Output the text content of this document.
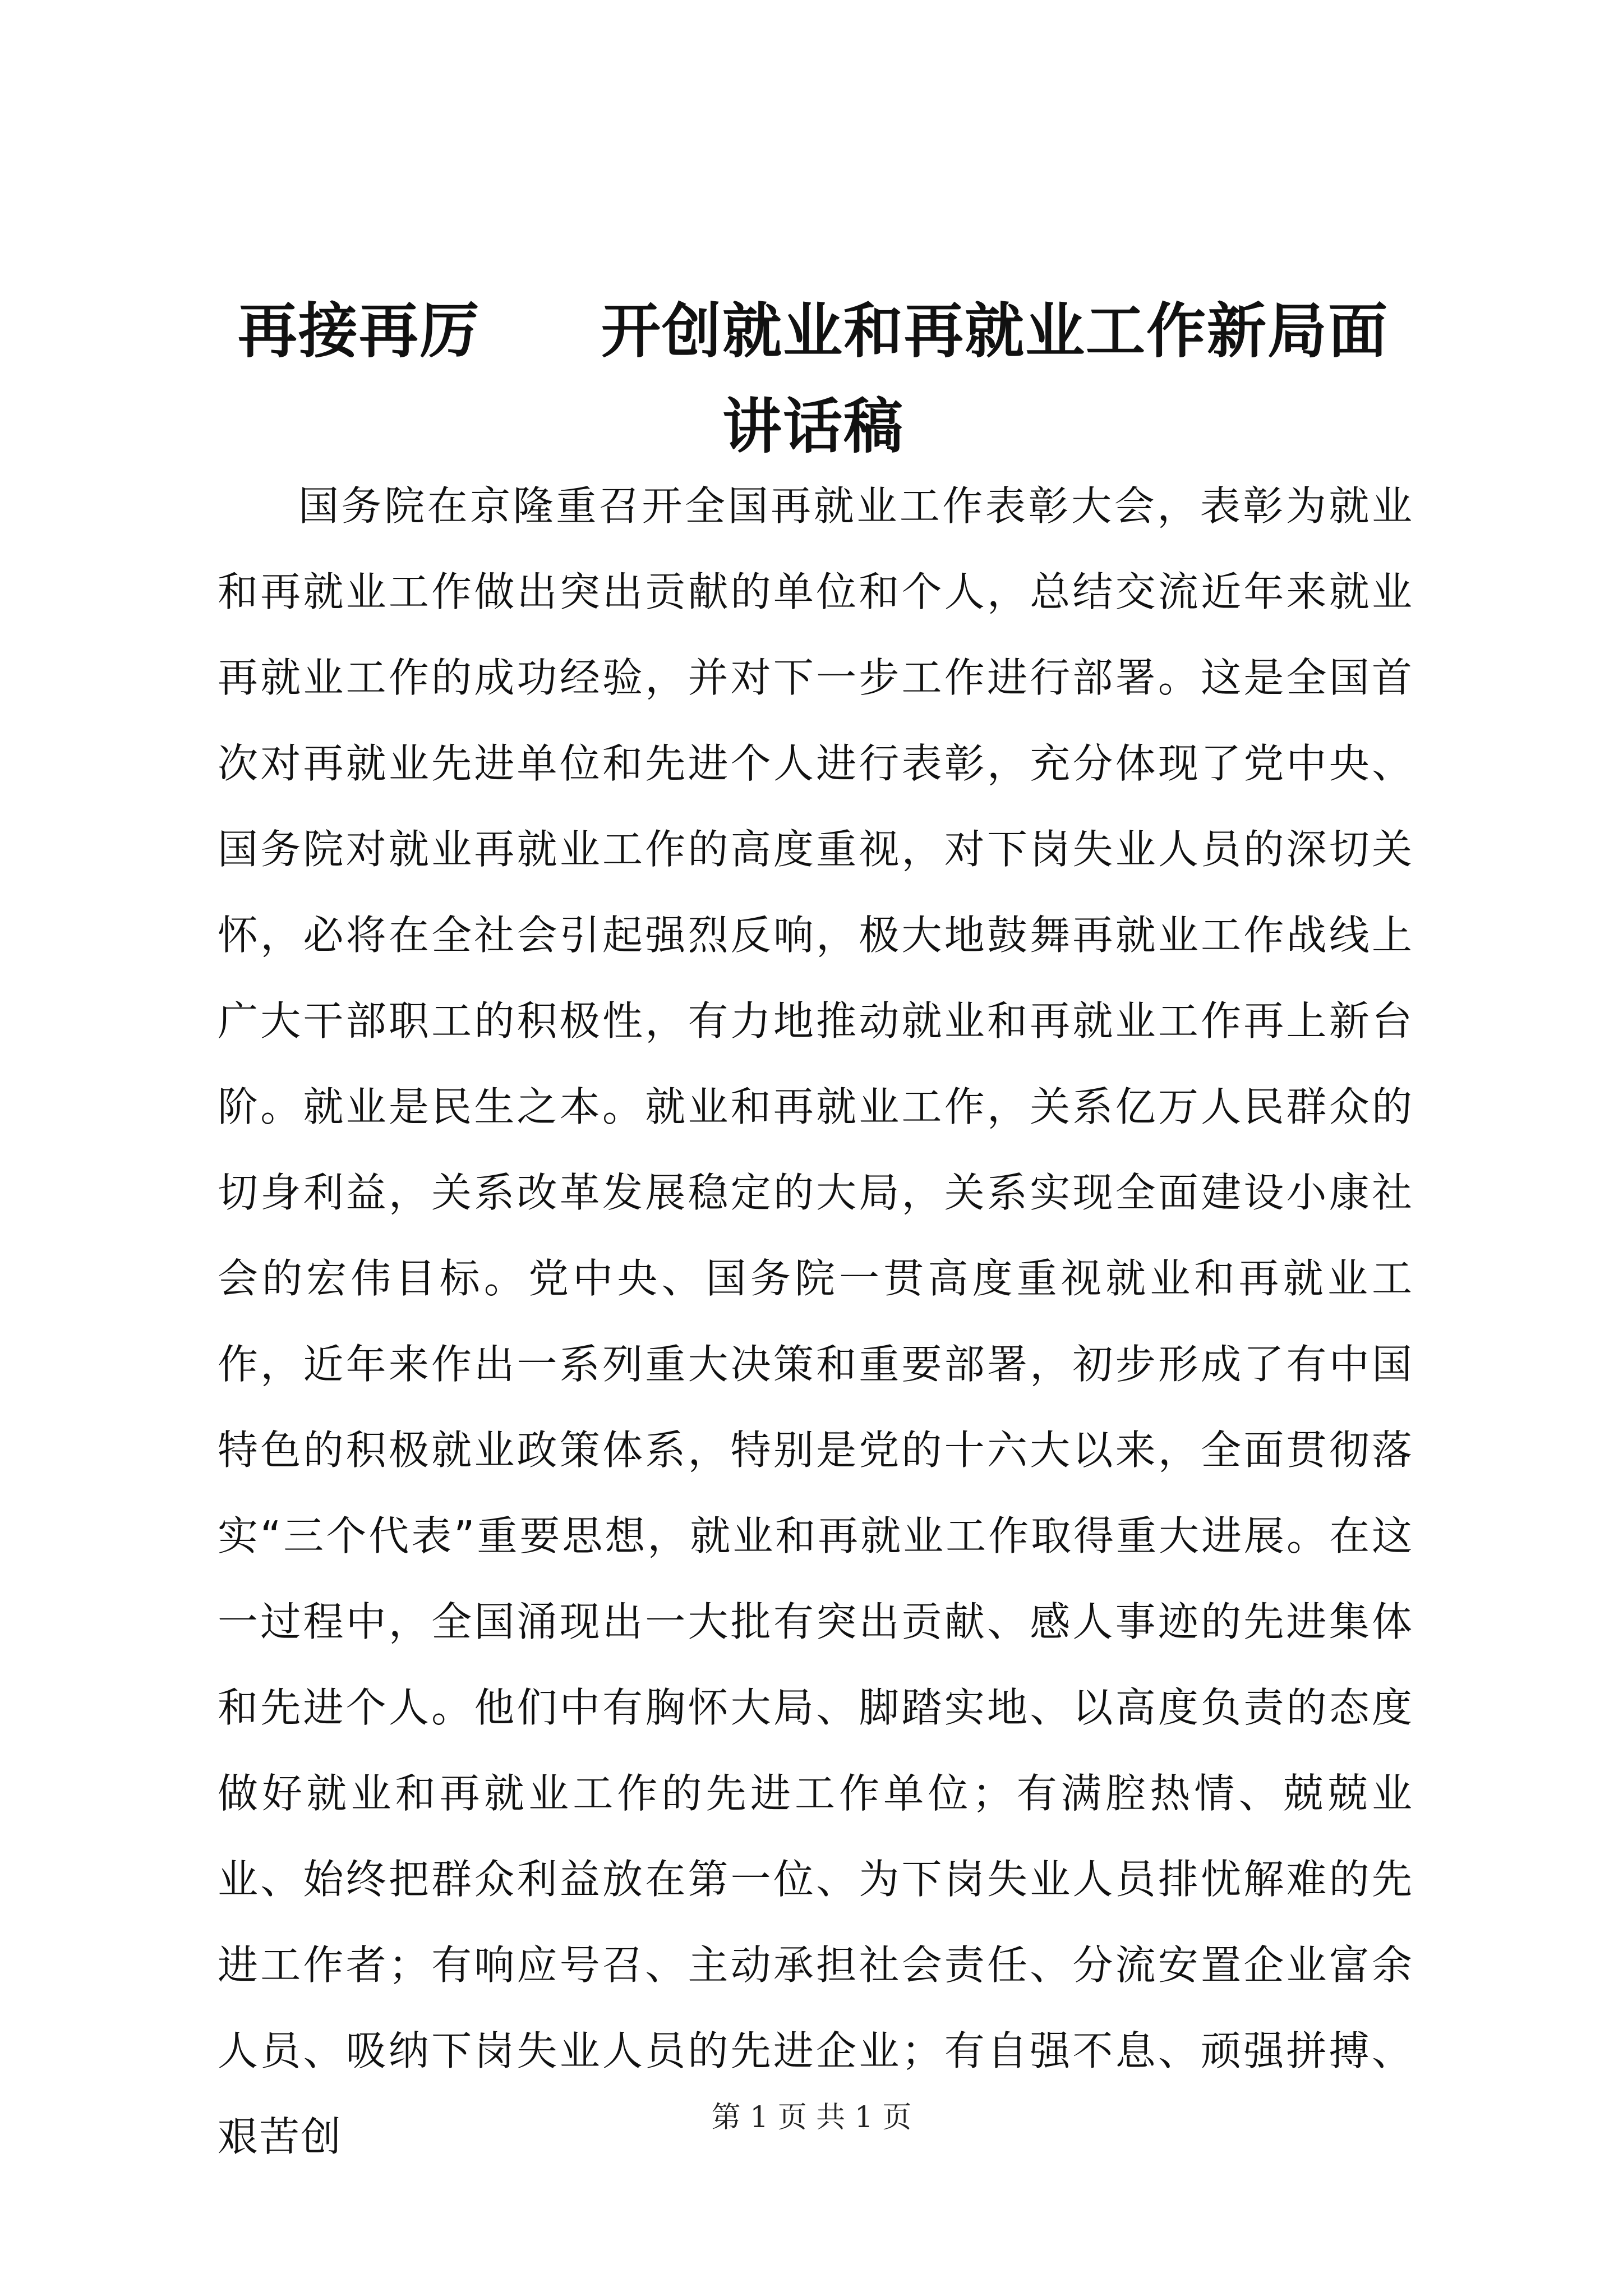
再接再厉　　开创就业和再就业工作新局面讲话稿

国务院在京隆重召开全国再就业工作表彰大会，表彰为就业和再就业工作做出突出贡献的单位和个人，总结交流近年来就业再就业工作的成功经验，并对下一步工作进行部署。这是全国首次对再就业先进单位和先进个人进行表彰，充分体现了党中央、国务院对就业再就业工作的高度重视，对下岗失业人员的深切关怀，必将在全社会引起强烈反响，极大地鼓舞再就业工作战线上广大干部职工的积极性，有力地推动就业和再就业工作再上新台阶。就业是民生之本。就业和再就业工作，关系亿万人民群众的切身利益，关系改革发展稳定的大局，关系实现全面建设小康社会的宏伟目标。党中央、国务院一贯高度重视就业和再就业工作，近年来作出一系列重大决策和重要部署，初步形成了有中国特色的积极就业政策体系，特别是党的十六大以来，全面贯彻落实“三个代表”重要思想，就业和再就业工作取得重大进展。在这一过程中，全国涌现出一大批有突出贡献、感人事迹的先进集体和先进个人。他们中有胸怀大局、脚踏实地、以高度负责的态度做好就业和再就业工作的先进工作单位；有满腔热情、兢兢业业、始终把群众利益放在第一位、为下岗失业人员排忧解难的先进工作者；有响应号召、主动承担社会责任、分流安置企业富余人员、吸纳下岗失业人员的先进企业；有自强不息、顽强拼搏、艰苦创	第 1 页 共 1 页
